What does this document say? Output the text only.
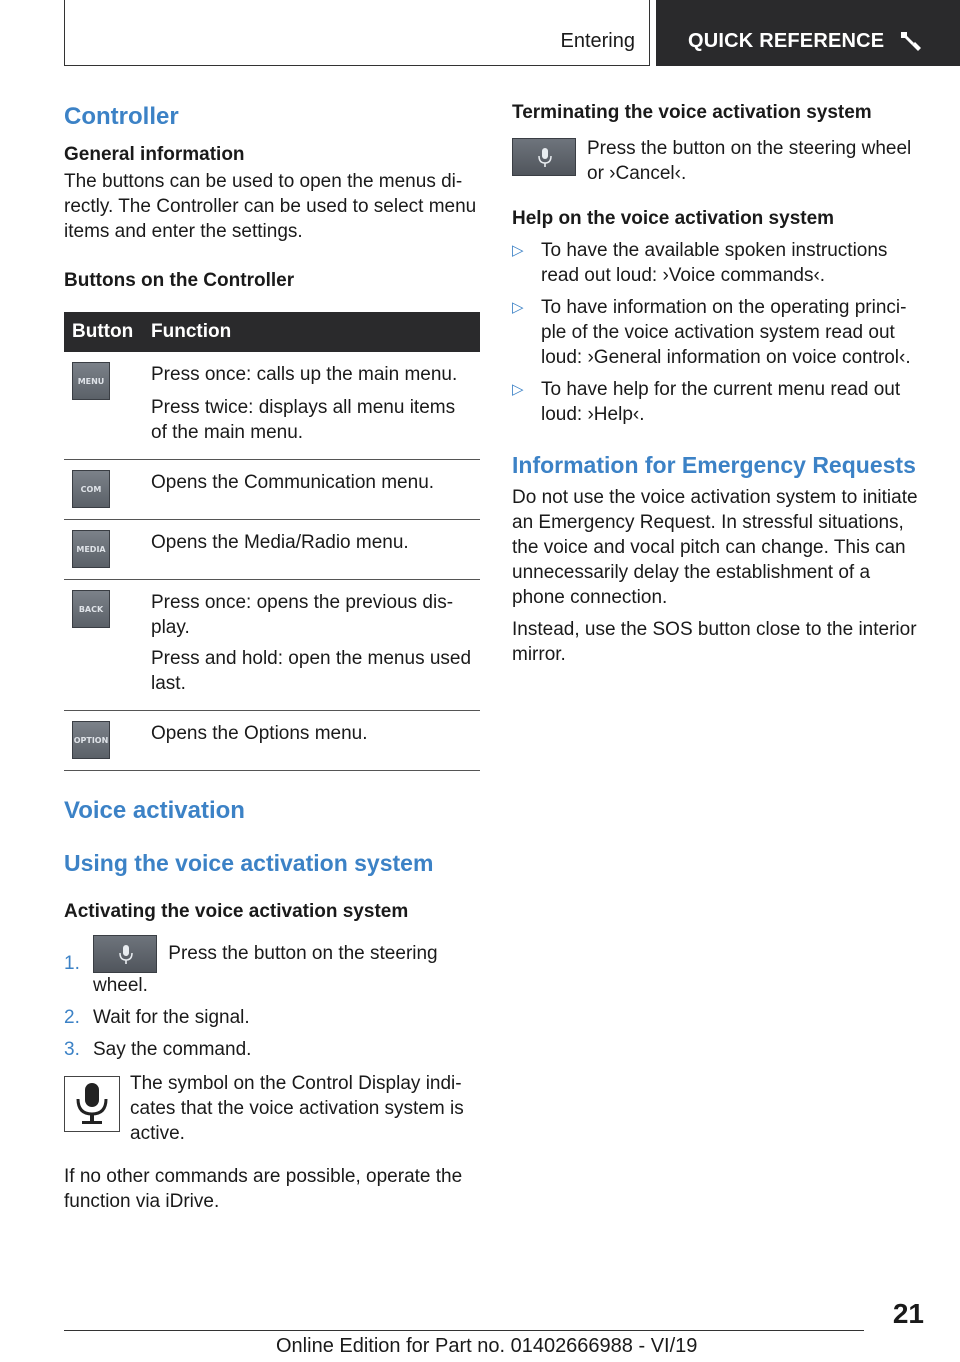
Entering	QUICK REFERENCE
Controller
General information
The buttons can be used to open the menus di-rectly. The Controller can be used to select menu items and enter the settings.
Buttons on the Controller
Button	Function

MENU	Press once: calls up the main menu.
Press twice: displays all menu items of the main menu.

COM	Opens the Communication menu.

MEDIA	Opens the Media/Radio menu.

BACK	Press once: opens the previous dis-play.
Press and hold: open the menus used last.

OPTION	Opens the Options menu.
Voice activation
Using the voice activation system
Activating the voice activation system
1.	Press the button on the steering wheel.
2. Wait for the signal.
3. Say the command.
The symbol on the Control Display indi-cates that the voice activation system is active.
If no other commands are possible, operate the function via iDrive.
Terminating the voice activation system
Press the button on the steering wheel or ›Cancel‹.
Help on the voice activation system
▷ To have the available spoken instructions read out loud: ›Voice commands‹.
▷ To have information on the operating princi-ple of the voice activation system read out loud: ›General information on voice control‹.
▷ To have help for the current menu read out loud: ›Help‹.
Information for Emergency Requests
Do not use the voice activation system to initiate an Emergency Request. In stressful situations, the voice and vocal pitch can change. This can unnecessarily delay the establishment of a phone connection.
Instead, use the SOS button close to the interior mirror.
21
Online Edition for Part no. 01402666988 - VI/19
